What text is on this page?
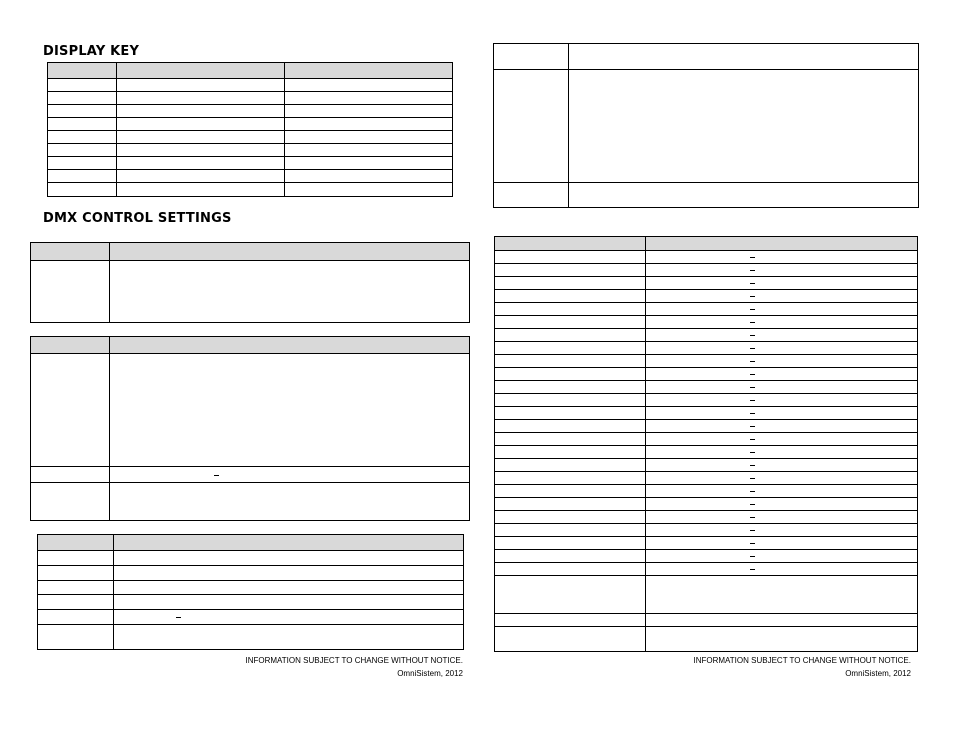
DISPLAY KEY

DMX CONTROL SETTINGS

INFORMATION SUBJECT TO CHANGE WITHOUT NOTICE.
OmniSistem, 2012

INFORMATION SUBJECT TO CHANGE WITHOUT NOTICE.
OmniSistem, 2012
